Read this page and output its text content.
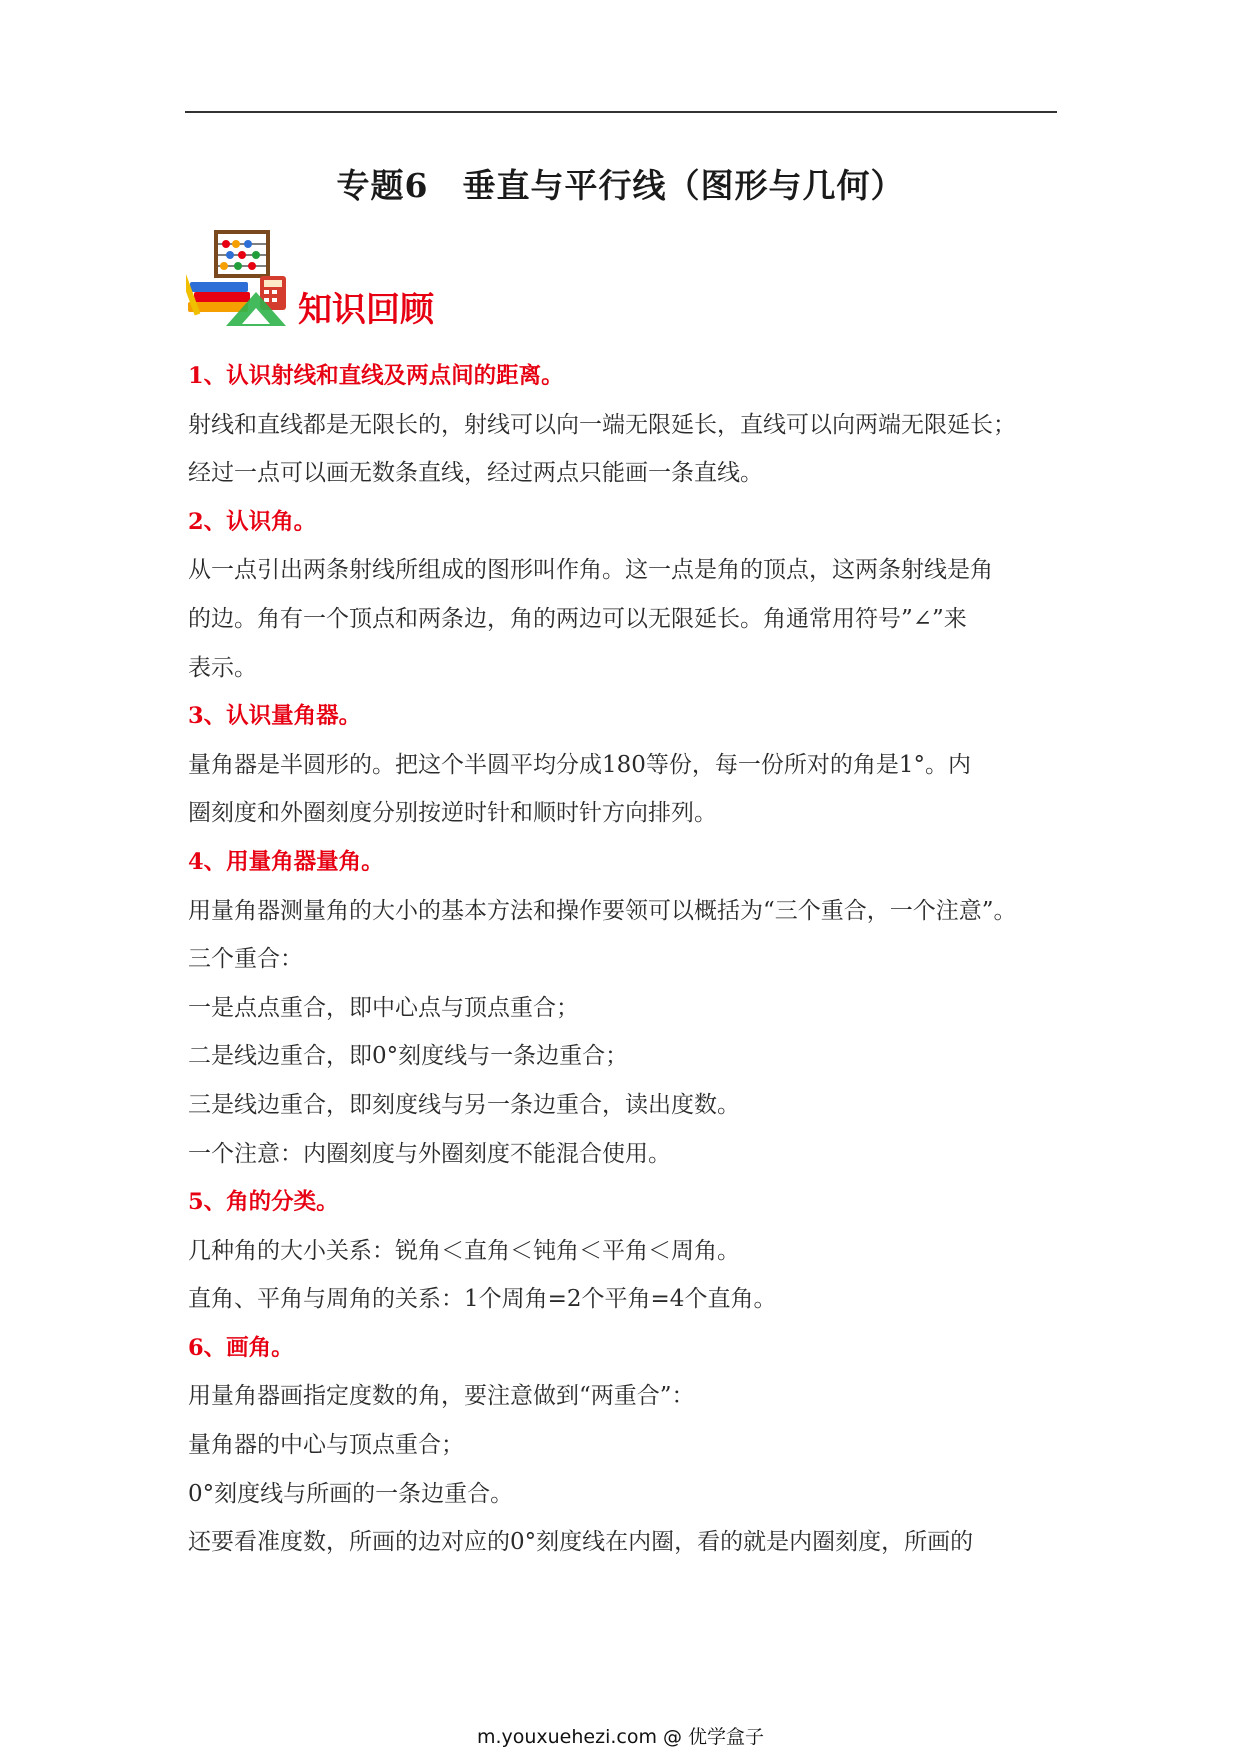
专题6　垂直与平行线（图形与几何）
知识回顾
1、认识射线和直线及两点间的距离。
射线和直线都是无限长的，射线可以向一端无限延长，直线可以向两端无限延长；
经过一点可以画无数条直线，经过两点只能画一条直线。
2、认识角。
从一点引出两条射线所组成的图形叫作角。这一点是角的顶点，这两条射线是角
的边。角有一个顶点和两条边，角的两边可以无限延长。角通常用符号”∠”来
表示。
3、认识量角器。
量角器是半圆形的。把这个半圆平均分成180等份，每一份所对的角是1°。内
圈刻度和外圈刻度分别按逆时针和顺时针方向排列。
4、用量角器量角。
用量角器测量角的大小的基本方法和操作要领可以概括为“三个重合，一个注意”。
三个重合：
一是点点重合，即中心点与顶点重合；
二是线边重合，即0°刻度线与一条边重合；
三是线边重合，即刻度线与另一条边重合，读出度数。
一个注意：内圈刻度与外圈刻度不能混合使用。
5、角的分类。
几种角的大小关系：锐角＜直角＜钝角＜平角＜周角。
直角、平角与周角的关系：1个周角=2个平角=4个直角。
6、画角。
用量角器画指定度数的角，要注意做到“两重合”：
量角器的中心与顶点重合；
0°刻度线与所画的一条边重合。
还要看准度数，所画的边对应的0°刻度线在内圈，看的就是内圈刻度，所画的
m.youxuehezi.com @ 优学盒子
